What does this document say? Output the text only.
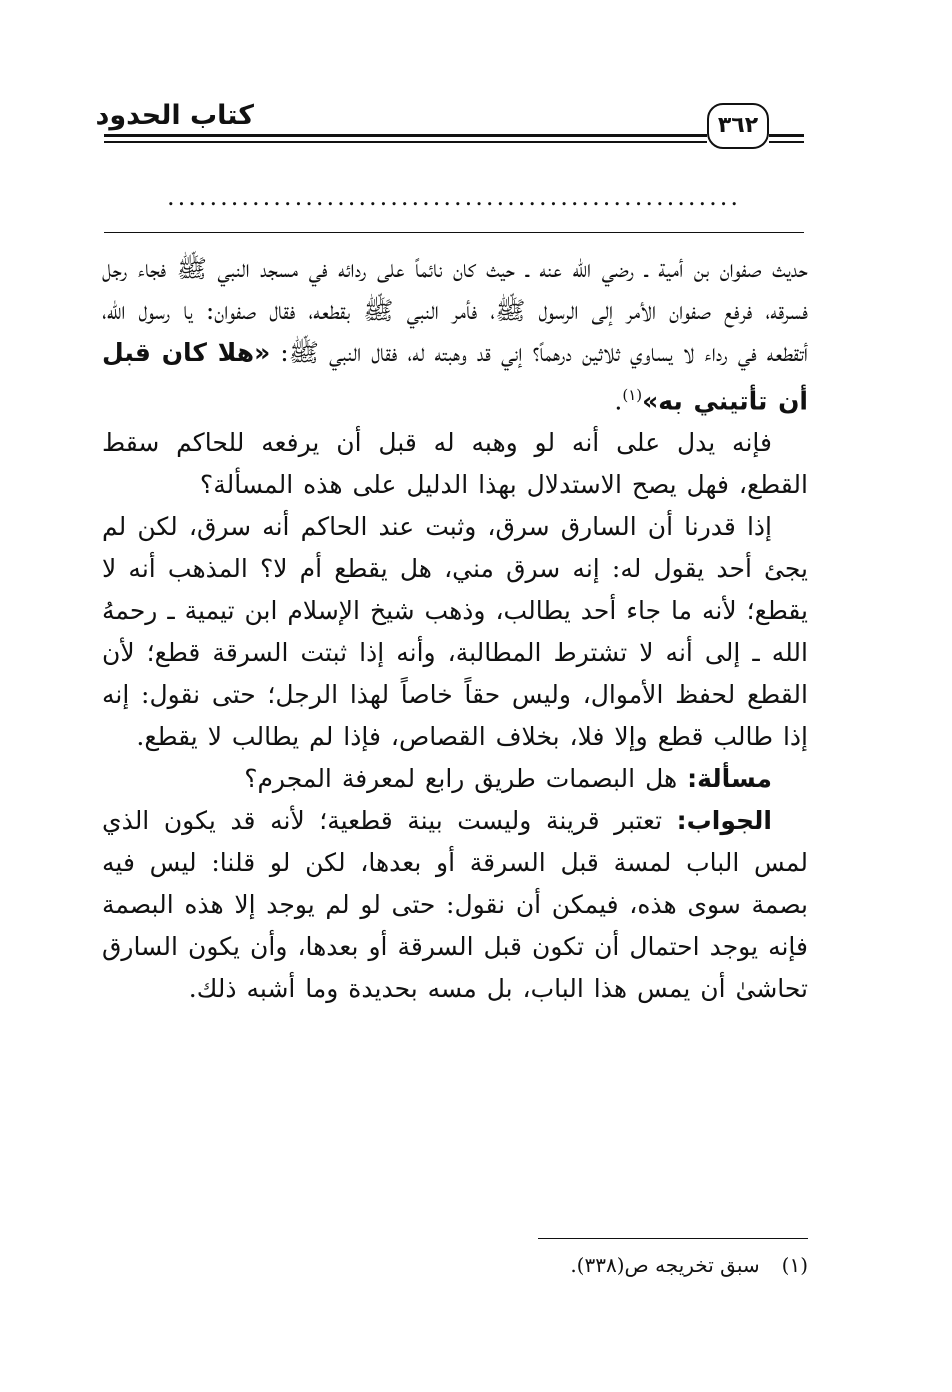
كتاب الحدود	٣٦٢
......................................................

حديث صفوان بن أمية ـ رضي الله عنه ـ حيث كان نائماً على ردائه في مسجد النبي ﷺ فجاء رجل فسرقه، فرفع صفوان الأمر إلى الرسول ﷺ، فأمر النبي ﷺ بقطعه، فقال صفوان: يا رسول الله، أتقطعه في رداء لا يساوي ثلاثين درهماً؟ إني قد وهبته له، فقال النبي ﷺ: «هلا كان قبل أن تأتيني به»$^{(١)}$.

فإنه يدل على أنه لو وهبه له قبل أن يرفعه للحاكم سقط القطع، فهل يصح الاستدلال بهذا الدليل على هذه المسألة؟

إذا قدرنا أن السارق سرق، وثبت عند الحاكم أنه سرق، لكن لم يجئ أحد يقول له: إنه سرق مني، هل يقطع أم لا؟ المذهب أنه لا يقطع؛ لأنه ما جاء أحد يطالب، وذهب شيخ الإسلام ابن تيمية ـ رحمهُ الله ـ إلى أنه لا تشترط المطالبة، وأنه إذا ثبتت السرقة قطع؛ لأن القطع لحفظ الأموال، وليس حقاً خاصاً لهذا الرجل؛ حتى نقول: إنه إذا طالب قطع وإلا فلا، بخلاف القصاص، فإذا لم يطالب لا يقطع.

مسألة: هل البصمات طريق رابع لمعرفة المجرم؟

الجواب: تعتبر قرينة وليست بينة قطعية؛ لأنه قد يكون الذي لمس الباب لمسة قبل السرقة أو بعدها، لكن لو قلنا: ليس فيه بصمة سوى هذه، فيمكن أن نقول: حتى لو لم يوجد إلا هذه البصمة فإنه يوجد احتمال أن تكون قبل السرقة أو بعدها، وأن يكون السارق تحاشىٰ أن يمس هذا الباب، بل مسه بحديدة وما أشبه ذلك.

(١)سبق تخريجه ص(٣٣٨).
